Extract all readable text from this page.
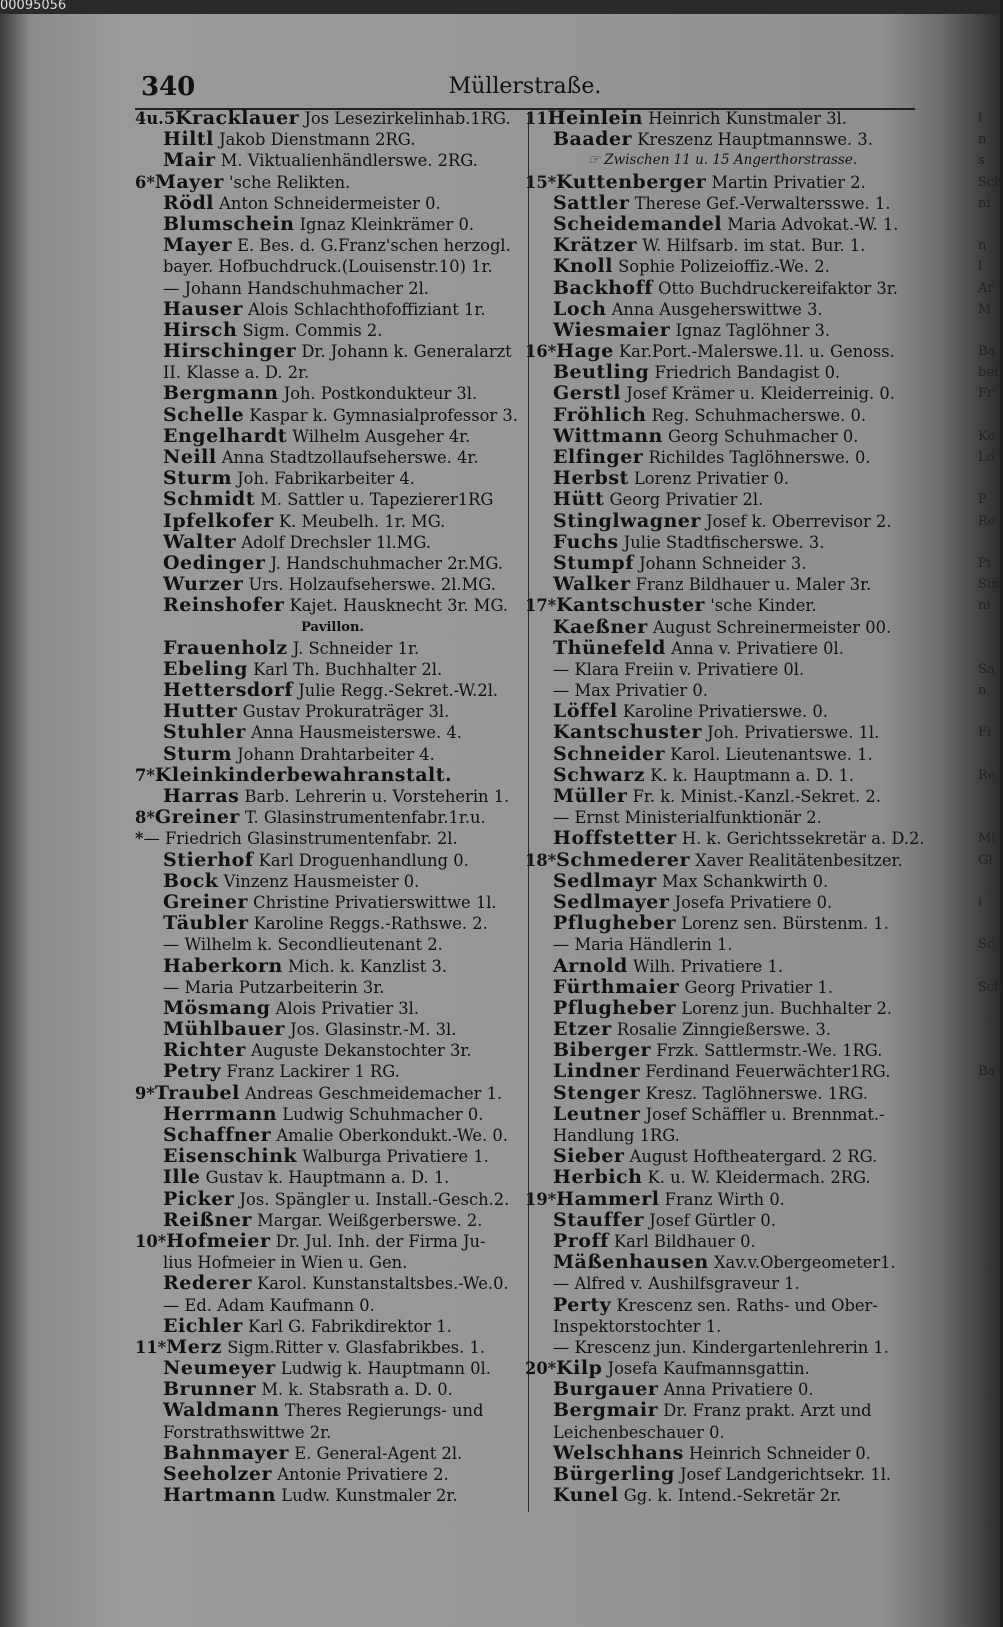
00095056
340	Müllerstraße.
4u.5Kracklauer Jos Lesezirkelinhab.1RG.
Hiltl Jakob Dienstmann 2RG.
Mair M. Viktualienhändlerswe. 2RG.
6*Mayer 'sche Relikten.
Rödl Anton Schneidermeister 0.
Blumschein Ignaz Kleinkrämer 0.
Mayer E. Bes. d. G.Franz'schen herzogl.
bayer. Hofbuchdruck.(Louisenstr.10) 1r.
— Johann Handschuhmacher 2l.
Hauser Alois Schlachthofoffiziant 1r.
Hirsch Sigm. Commis 2.
Hirschinger Dr. Johann k. Generalarzt
II. Klasse a. D. 2r.
Bergmann Joh. Postkondukteur 3l.
Schelle Kaspar k. Gymnasialprofessor 3.
Engelhardt Wilhelm Ausgeher 4r.
Neill Anna Stadtzollaufseherswe. 4r.
Sturm Joh. Fabrikarbeiter 4.
Schmidt M. Sattler u. Tapezierer1RG
Ipfelkofer K. Meubelh. 1r. MG.
Walter Adolf Drechsler 1l.MG.
Oedinger J. Handschuhmacher 2r.MG.
Wurzer Urs. Holzaufseherswe. 2l.MG.
Reinshofer Kajet. Hausknecht 3r. MG.
Pavillon.
Frauenholz J. Schneider 1r.
Ebeling Karl Th. Buchhalter 2l.
Hettersdorf Julie Regg.-Sekret.-W.2l.
Hutter Gustav Prokuraträger 3l.
Stuhler Anna Hausmeisterswe. 4.
Sturm Johann Drahtarbeiter 4.
7*Kleinkinderbewahranstalt.
Harras Barb. Lehrerin u. Vorsteherin 1.
8*Greiner T. Glasinstrumentenfabr.1r.u.
*— Friedrich Glasinstrumentenfabr. 2l.
Stierhof Karl Droguenhandlung 0.
Bock Vinzenz Hausmeister 0.
Greiner Christine Privatierswittwe 1l.
Täubler Karoline Reggs.-Rathswe. 2.
— Wilhelm k. Secondlieutenant 2.
Haberkorn Mich. k. Kanzlist 3.
— Maria Putzarbeiterin 3r.
Mösmang Alois Privatier 3l.
Mühlbauer Jos. Glasinstr.-M. 3l.
Richter Auguste Dekanstochter 3r.
Petry Franz Lackirer 1 RG.
9*Traubel Andreas Geschmeidemacher 1.
Herrmann Ludwig Schuhmacher 0.
Schaffner Amalie Oberkondukt.-We. 0.
Eisenschink Walburga Privatiere 1.
Ille Gustav k. Hauptmann a. D. 1.
Picker Jos. Spängler u. Install.-Gesch.2.
Reißner Margar. Weißgerberswe. 2.
10*Hofmeier Dr. Jul. Inh. der Firma Ju-
lius Hofmeier in Wien u. Gen.
Rederer Karol. Kunstanstaltsbes.-We.0.
— Ed. Adam Kaufmann 0.
Eichler Karl G. Fabrikdirektor 1.
11*Merz Sigm.Ritter v. Glasfabrikbes. 1.
Neumeyer Ludwig k. Hauptmann 0l.
Brunner M. k. Stabsrath a. D. 0.
Waldmann Theres Regierungs- und
Forstrathswittwe 2r.
Bahnmayer E. General-Agent 2l.
Seeholzer Antonie Privatiere 2.
Hartmann Ludw. Kunstmaler 2r.
11Heinlein Heinrich Kunstmaler 3l.
Baader Kreszenz Hauptmannswe. 3.
☞ Zwischen 11 u. 15 Angerthorstrasse.
15*Kuttenberger Martin Privatier 2.
Sattler Therese Gef.-Verwaltersswe. 1.
Scheidemandel Maria Advokat.-W. 1.
Krätzer W. Hilfsarb. im stat. Bur. 1.
Knoll Sophie Polizeioffiz.-We. 2.
Backhoff Otto Buchdruckereifaktor 3r.
Loch Anna Ausgeherswittwe 3.
Wiesmaier Ignaz Taglöhner 3.
16*Hage Kar.Port.-Malerswe.1l. u. Genoss.
Beutling Friedrich Bandagist 0.
Gerstl Josef Krämer u. Kleiderreinig. 0.
Fröhlich Reg. Schuhmacherswe. 0.
Wittmann Georg Schuhmacher 0.
Elfinger Richildes Taglöhnerswe. 0.
Herbst Lorenz Privatier 0.
Hütt Georg Privatier 2l.
Stinglwagner Josef k. Oberrevisor 2.
Fuchs Julie Stadtfischerswe. 3.
Stumpf Johann Schneider 3.
Walker Franz Bildhauer u. Maler 3r.
17*Kantschuster 'sche Kinder.
Kaeßner August Schreinermeister 00.
Thünefeld Anna v. Privatiere 0l.
— Klara Freiin v. Privatiere 0l.
— Max Privatier 0.
Löffel Karoline Privatierswe. 0.
Kantschuster Joh. Privatierswe. 1l.
Schneider Karol. Lieutenantswe. 1.
Schwarz K. k. Hauptmann a. D. 1.
Müller Fr. k. Minist.-Kanzl.-Sekret. 2.
— Ernst Ministerialfunktionär 2.
Hoffstetter H. k. Gerichtssekretär a. D.2.
18*Schmederer Xaver Realitätenbesitzer.
Sedlmayr Max Schankwirth 0.
Sedlmayer Josefa Privatiere 0.
Pflugheber Lorenz sen. Bürstenm. 1.
— Maria Händlerin 1.
Arnold Wilh. Privatiere 1.
Fürthmaier Georg Privatier 1.
Pflugheber Lorenz jun. Buchhalter 2.
Etzer Rosalie Zinngießerswe. 3.
Biberger Frzk. Sattlermstr.-We. 1RG.
Lindner Ferdinand Feuerwächter1RG.
Stenger Kresz. Taglöhnerswe. 1RG.
Leutner Josef Schäffler u. Brennmat.-
Handlung 1RG.
Sieber August Hoftheatergard. 2 RG.
Herbich K. u. W. Kleidermach. 2RG.
19*Hammerl Franz Wirth 0.
Stauffer Josef Gürtler 0.
Proff Karl Bildhauer 0.
Mäßenhausen Xav.v.Obergeometer1.
— Alfred v. Aushilfsgraveur 1.
Perty Krescenz sen. Raths- und Ober-
Inspektorstochter 1.
— Krescenz jun. Kindergartenlehrerin 1.
20*Kilp Josefa Kaufmannsgattin.
Burgauer Anna Privatiere 0.
Bergmair Dr. Franz prakt. Arzt und
Leichenbeschauer 0.
Welschhans Heinrich Schneider 0.
Bürgerling Josef Landgerichtsekr. 1l.
Kunel Gg. k. Intend.-Sekretär 2r.
l
n
s
Sch
ni
n
l
Ar
M
Ba
bei
Fr
Ko
Lo
P
Re
Pi
Sin
ni
Sa
n
Fi
Re
Mi
Gl
i
Sc
Sch
Ba
